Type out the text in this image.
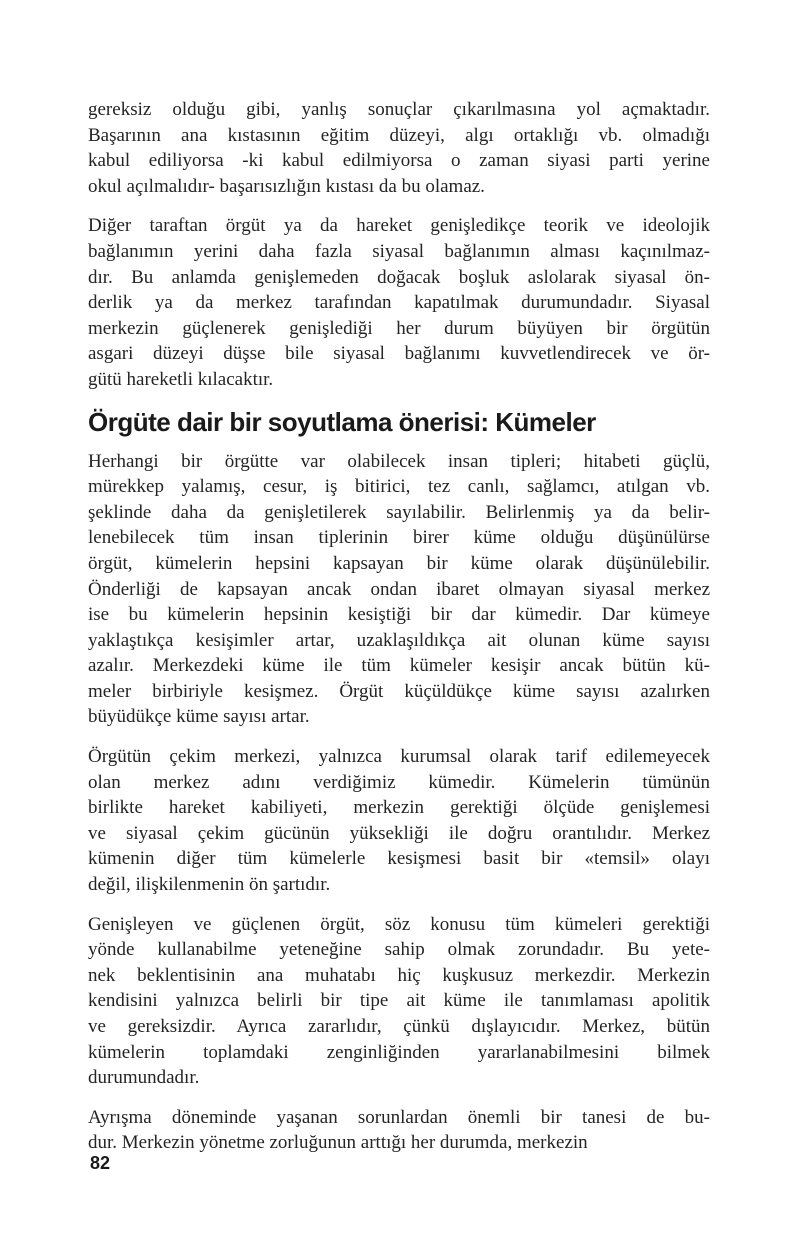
gereksiz olduğu gibi, yanlış sonuçlar çıkarılmasına yol açmaktadır.
Başarının ana kıstasının eğitim düzeyi, algı ortaklığı vb. olmadığı
kabul ediliyorsa -ki kabul edilmiyorsa o zaman siyasi parti yerine
okul açılmalıdır- başarısızlığın kıstası da bu olamaz.
Diğer taraftan örgüt ya da hareket genişledikçe teorik ve ideolojik
bağlanımın yerini daha fazla siyasal bağlanımın alması kaçınılmaz-
dır. Bu anlamda genişlemeden doğacak boşluk aslolarak siyasal ön-
derlik ya da merkez tarafından kapatılmak durumundadır. Siyasal
merkezin güçlenerek genişlediği her durum büyüyen bir örgütün
asgari düzeyi düşse bile siyasal bağlanımı kuvvetlendirecek ve ör-
gütü hareketli kılacaktır.
Örgüte dair bir soyutlama önerisi: Kümeler
Herhangi bir örgütte var olabilecek insan tipleri; hitabeti güçlü,
mürekkep yalamış, cesur, iş bitirici, tez canlı, sağlamcı, atılgan vb.
şeklinde daha da genişletilerek sayılabilir. Belirlenmiş ya da belir-
lenebilecek tüm insan tiplerinin birer küme olduğu düşünülürse
örgüt, kümelerin hepsini kapsayan bir küme olarak düşünülebilir.
Önderliği de kapsayan ancak ondan ibaret olmayan siyasal merkez
ise bu kümelerin hepsinin kesiştiği bir dar kümedir. Dar kümeye
yaklaştıkça kesişimler artar, uzaklaşıldıkça ait olunan küme sayısı
azalır. Merkezdeki küme ile tüm kümeler kesişir ancak bütün kü-
meler birbiriyle kesişmez. Örgüt küçüldükçe küme sayısı azalırken
büyüdükçe küme sayısı artar.
Örgütün çekim merkezi, yalnızca kurumsal olarak tarif edilemeyecek
olan merkez adını verdiğimiz kümedir. Kümelerin tümünün
birlikte hareket kabiliyeti, merkezin gerektiği ölçüde genişlemesi
ve siyasal çekim gücünün yüksekliği ile doğru orantılıdır. Merkez
kümenin diğer tüm kümelerle kesişmesi basit bir «temsil» olayı
değil, ilişkilenmenin ön şartıdır.
Genişleyen ve güçlenen örgüt, söz konusu tüm kümeleri gerektiği
yönde kullanabilme yeteneğine sahip olmak zorundadır. Bu yete-
nek beklentisinin ana muhatabı hiç kuşkusuz merkezdir. Merkezin
kendisini yalnızca belirli bir tipe ait küme ile tanımlaması apolitik
ve gereksizdir. Ayrıca zararlıdır, çünkü dışlayıcıdır. Merkez, bütün
kümelerin toplamdaki zenginliğinden yararlanabilmesini bilmek
durumundadır.
Ayrışma döneminde yaşanan sorunlardan önemli bir tanesi de bu-
dur. Merkezin yönetme zorluğunun arttığı her durumda, merkezin
82
